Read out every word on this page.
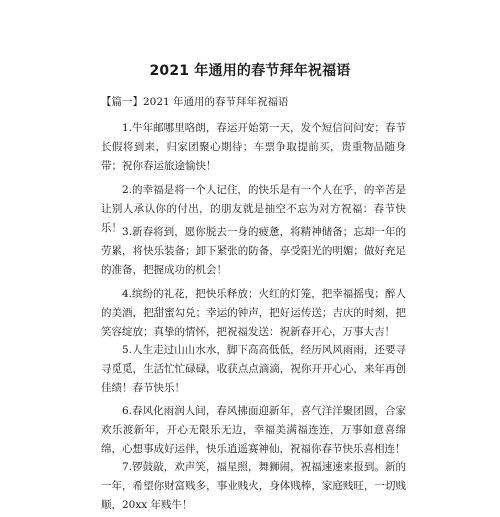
2021 年通用的春节拜年祝福语
【篇一】2021 年通用的春节拜年祝福语
1.牛年邮哪里咯朗，春运开始第一天，发个短信问问安；春节长假将到来，归家团聚心期待；车票争取提前买，贵重物品随身带；祝你春运旅途愉快！
2.的幸福是将一个人记住，的快乐是有一个人在乎，的辛苦是让别人承认你的付出，的朋友就是抽空不忘为对方祝福：春节快乐！ 3.新春将到，愿你脱去一身的疲惫，将精神储备；忘却一年的劳累，将快乐装备；卸下紧张的防备，享受阳光的明媚；做好充足的准备，把握成功的机会！
4.缤纷的礼花，把快乐释放；火红的灯笼，把幸福摇曳；醉人的美酒，把甜蜜勾兑；幸运的钟声，把好运传送；吉庆的时刻，把笑容绽放；真挚的情怀，把祝福发送：祝新春开心，万事大吉！
5.人生走过山山水水，脚下高高低低，经历风风雨雨，还要寻寻觅觅，生活忙忙碌碌，收获点点滴滴，祝你开开心心，来年再创佳绩！春节快乐！
6.春风化雨润人间，春风拂面迎新年，喜气洋洋聚团圆，合家欢乐渡新年，开心无限乐无边，幸福美满福连连，万事如意喜绵绵，心想事成好运伴，快乐逍遥赛神仙，祝福你春节快乐喜相连！
7.锣鼓敲，欢声笑，福星照，舞狮闹，祝福速速来报到。新的一年，希望你财富贱多，事业贱火，身体贱棒，家庭贱旺，一切贱顺，20xx 年贱牛！
